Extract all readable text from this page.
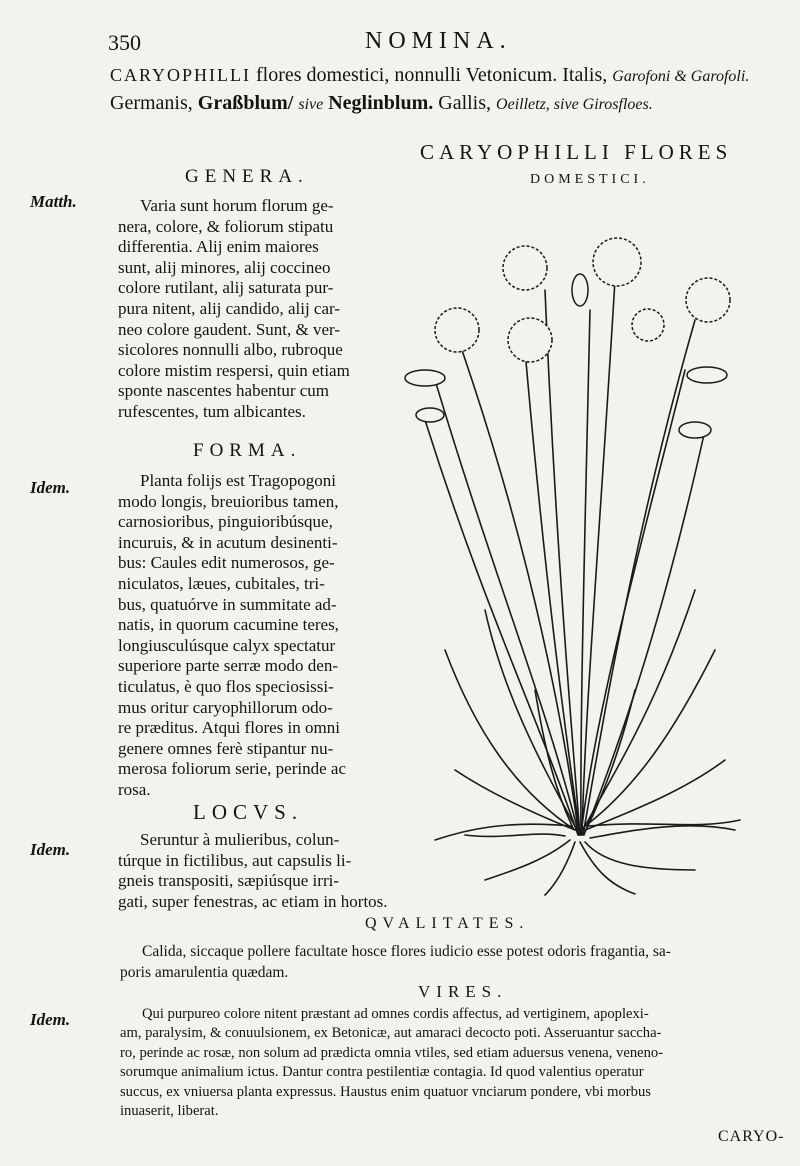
350	NOMINA.
CARYOPHILLI flores domestici, nonnulli Vetonicum. Italis, Garofoni & Garofoli. Germanis, Graßblum/ sive Neglinblum. Gallis, Oeilletz, sive Girosfloes.
CARYOPHILLI FLORES
DOMESTICI.
GENERA.
Matth.	Varia sunt horum florum ge-
nera, colore, & foliorum stipatu
differentia. Alij enim maiores
sunt, alij minores, alij coccineo
colore rutilant, alij saturata pur-
pura nitent, alij candido, alij car-
neo colore gaudent. Sunt, & ver-
sicolores nonnulli albo, rubroque
colore mistim respersi, quin etiam
sponte nascentes habentur cum
rufescentes, tum albicantes.
FORMA.
Idem.	Planta folijs est Tragopogoni
modo longis, breuioribus tamen,
carnosioribus, pinguioribúsque,
incuruis, & in acutum desinenti-
bus: Caules edit numerosos, ge-
niculatos, læues, cubitales, tri-
bus, quatuórve in summitate ad-
natis, in quorum cacumine teres,
longiusculúsque calyx spectatur
superiore parte serræ modo den-
ticulatus, è quo flos speciosissi-
mus oritur caryophillorum odo-
re præditus. Atqui flores in omni
genere omnes ferè stipantur nu-
merosa foliorum serie, perinde ac
rosa.
LOCVS.
Idem.
Seruntur à mulieribus, colun-
túrque in fictilibus, aut capsulis li-
gneis transpositi, sæpiúsque irri-
gati, super fenestras, ac etiam in hortos.
QVALITATES.
Calida, siccaque pollere facultate hosce flores iudicio esse potest odoris fragantia, sa-
poris amarulentia quædam.
VIRES.
Idem.	Qui purpureo colore nitent præstant ad omnes cordis affectus, ad vertiginem, apoplexi-
am, paralysim, & conuulsionem, ex Betonicæ, aut amaraci decocto poti. Asseruantur saccha-
ro, perinde ac rosæ, non solum ad prædicta omnia vtiles, sed etiam aduersus venena, veneno-
sorumque animalium ictus. Dantur contra pestilentiæ contagia. Id quod valentius operatur
succus, ex vniuersa planta expressus. Haustus enim quatuor vnciarum pondere, vbi morbus
inuaserit, liberat.
CARYO-
